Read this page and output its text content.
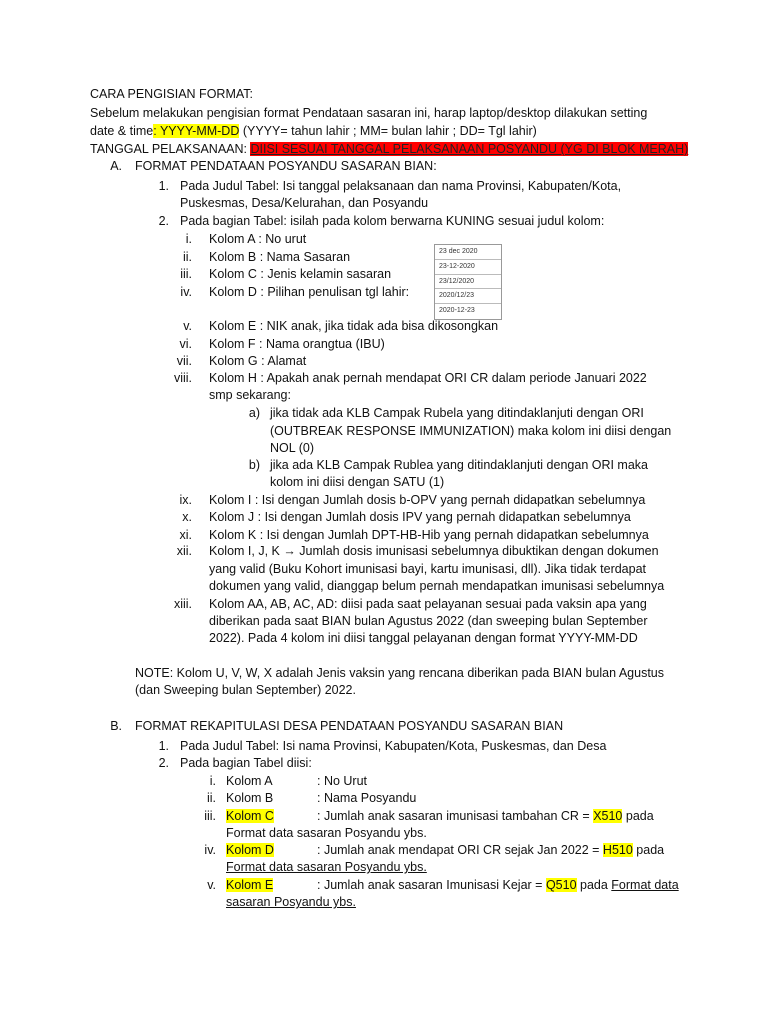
CARA PENGISIAN FORMAT:
Sebelum melakukan pengisian format Pendataan sasaran ini, harap laptop/desktop dilakukan setting
date & time: YYYY-MM-DD (YYYY= tahun lahir ; MM= bulan lahir ; DD= Tgl lahir)
TANGGAL PELAKSANAAN: DIISI SESUAI TANGGAL PELAKSANAAN POSYANDU (YG DI BLOK MERAH)
A. FORMAT PENDATAAN POSYANDU SASARAN BIAN:
1. Pada Judul Tabel: Isi tanggal pelaksanaan dan nama Provinsi, Kabupaten/Kota,
Puskesmas, Desa/Kelurahan, dan Posyandu
2. Pada bagian Tabel: isilah pada kolom berwarna KUNING sesuai judul kolom:
i. Kolom A : No urut
ii. Kolom B : Nama Sasaran
iii. Kolom C : Jenis kelamin sasaran
iv. Kolom D : Pilihan penulisan tgl lahir:
23 dec 2020
23-12-2020
23/12/2020
2020/12/23
2020-12-23
v. Kolom E : NIK anak, jika tidak ada bisa dikosongkan
vi. Kolom F : Nama orangtua (IBU)
vii. Kolom G : Alamat
viii. Kolom H : Apakah anak pernah mendapat ORI CR dalam periode Januari 2022
smp sekarang:
a) jika tidak ada KLB Campak Rubela yang ditindaklanjuti dengan ORI
(OUTBREAK RESPONSE IMMUNIZATION) maka kolom ini diisi dengan
NOL (0)
b) jika ada KLB Campak Rublea yang ditindaklanjuti dengan ORI maka
kolom ini diisi dengan SATU (1)
ix. Kolom I : Isi dengan Jumlah dosis b-OPV yang pernah didapatkan sebelumnya
x. Kolom J : Isi dengan Jumlah dosis IPV yang pernah didapatkan sebelumnya
xi. Kolom K : Isi dengan Jumlah DPT-HB-Hib yang pernah didapatkan sebelumnya
xii. Kolom I, J, K → Jumlah dosis imunisasi sebelumnya dibuktikan dengan dokumen
yang valid (Buku Kohort imunisasi bayi, kartu imunisasi, dll). Jika tidak terdapat
dokumen yang valid, dianggap belum pernah mendapatkan imunisasi sebelumnya
xiii. Kolom AA, AB, AC, AD: diisi pada saat pelayanan sesuai pada vaksin apa yang
diberikan pada saat BIAN bulan Agustus 2022 (dan sweeping bulan September
2022). Pada 4 kolom ini diisi tanggal pelayanan dengan format YYYY-MM-DD
NOTE: Kolom U, V, W, X adalah Jenis vaksin yang rencana diberikan pada BIAN bulan Agustus
(dan Sweeping bulan September) 2022.
B. FORMAT REKAPITULASI DESA PENDATAAN POSYANDU SASARAN BIAN
1. Pada Judul Tabel: Isi nama Provinsi, Kabupaten/Kota, Puskesmas, dan Desa
2. Pada bagian Tabel diisi:
i. Kolom A	: No Urut
ii. Kolom B	: Nama Posyandu
iii. Kolom C	: Jumlah anak sasaran imunisasi tambahan CR = X510 pada
Format data sasaran Posyandu ybs.
iv. Kolom D	: Jumlah anak mendapat ORI CR sejak Jan 2022 = H510 pada
Format data sasaran Posyandu ybs.
v. Kolom E	: Jumlah anak sasaran Imunisasi Kejar = Q510 pada Format data
sasaran Posyandu ybs.
